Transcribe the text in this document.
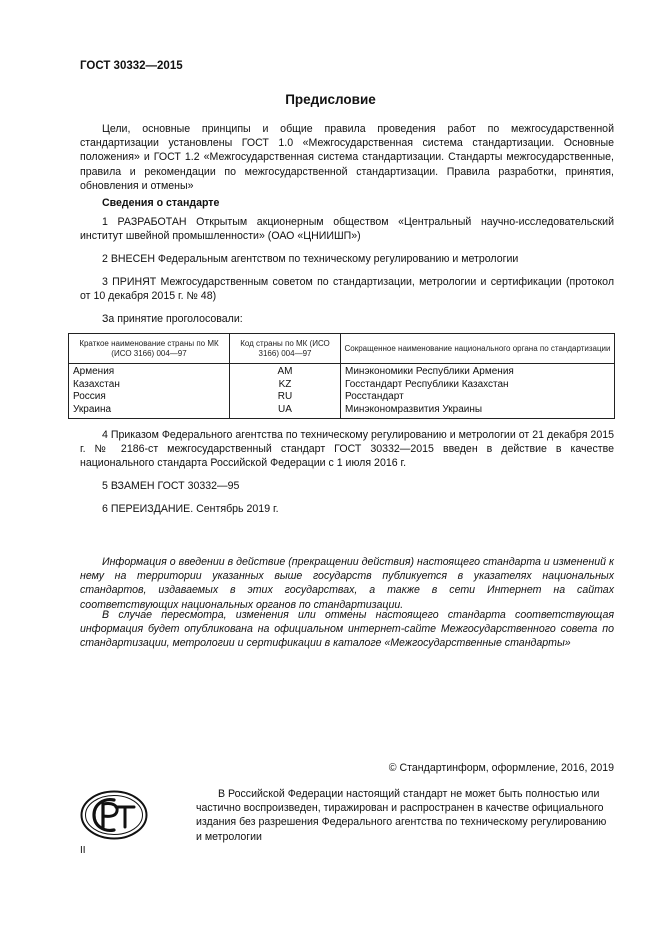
ГОСТ 30332—2015
Предисловие
Цели, основные принципы и общие правила проведения работ по межгосударственной стандартизации установлены ГОСТ 1.0 «Межгосударственная система стандартизации. Основные положения» и ГОСТ 1.2 «Межгосударственная система стандартизации. Стандарты межгосударственные, правила и рекомендации по межгосударственной стандартизации. Правила разработки, принятия, обновления и отмены»
Сведения о стандарте
1 РАЗРАБОТАН Открытым акционерным обществом «Центральный научно-исследовательский институт швейной промышленности» (ОАО «ЦНИИШП»)
2 ВНЕСЕН Федеральным агентством по техническому регулированию и метрологии
3 ПРИНЯТ Межгосударственным советом по стандартизации, метрологии и сертификации (протокол от 10 декабря 2015 г. № 48)
За принятие проголосовали:
Краткое наименование страны по МК (ИСО 3166) 004—97	Код страны по МК (ИСО 3166) 004—97	Сокращенное наименование национального органа по стандартизации
Армения	AM	Минэкономики Республики Армения
Казахстан	KZ	Госстандарт Республики Казахстан
Россия	RU	Росстандарт
Украина	UA	Минэкономразвития Украины
4 Приказом Федерального агентства по техническому регулированию и метрологии от 21 декабря 2015 г. № 2186-ст межгосударственный стандарт ГОСТ 30332—2015 введен в действие в качестве национального стандарта Российской Федерации с 1 июля 2016 г.
5 ВЗАМЕН ГОСТ 30332—95
6 ПЕРЕИЗДАНИЕ. Сентябрь 2019 г.
Информация о введении в действие (прекращении действия) настоящего стандарта и изменений к нему на территории указанных выше государств публикуется в указателях национальных стандартов, издаваемых в этих государствах, а также в сети Интернет на сайтах соответствующих национальных органов по стандартизации.
В случае пересмотра, изменения или отмены настоящего стандарта соответствующая информация будет опубликована на официальном интернет-сайте Межгосударственного совета по стандартизации, метрологии и сертификации в каталоге «Межгосударственные стандарты»
© Стандартинформ, оформление, 2016, 2019
В Российской Федерации настоящий стандарт не может быть полностью или частично воспроизведен, тиражирован и распространен в качестве официального издания без разрешения Федерального агентства по техническому регулированию и метрологии
II
